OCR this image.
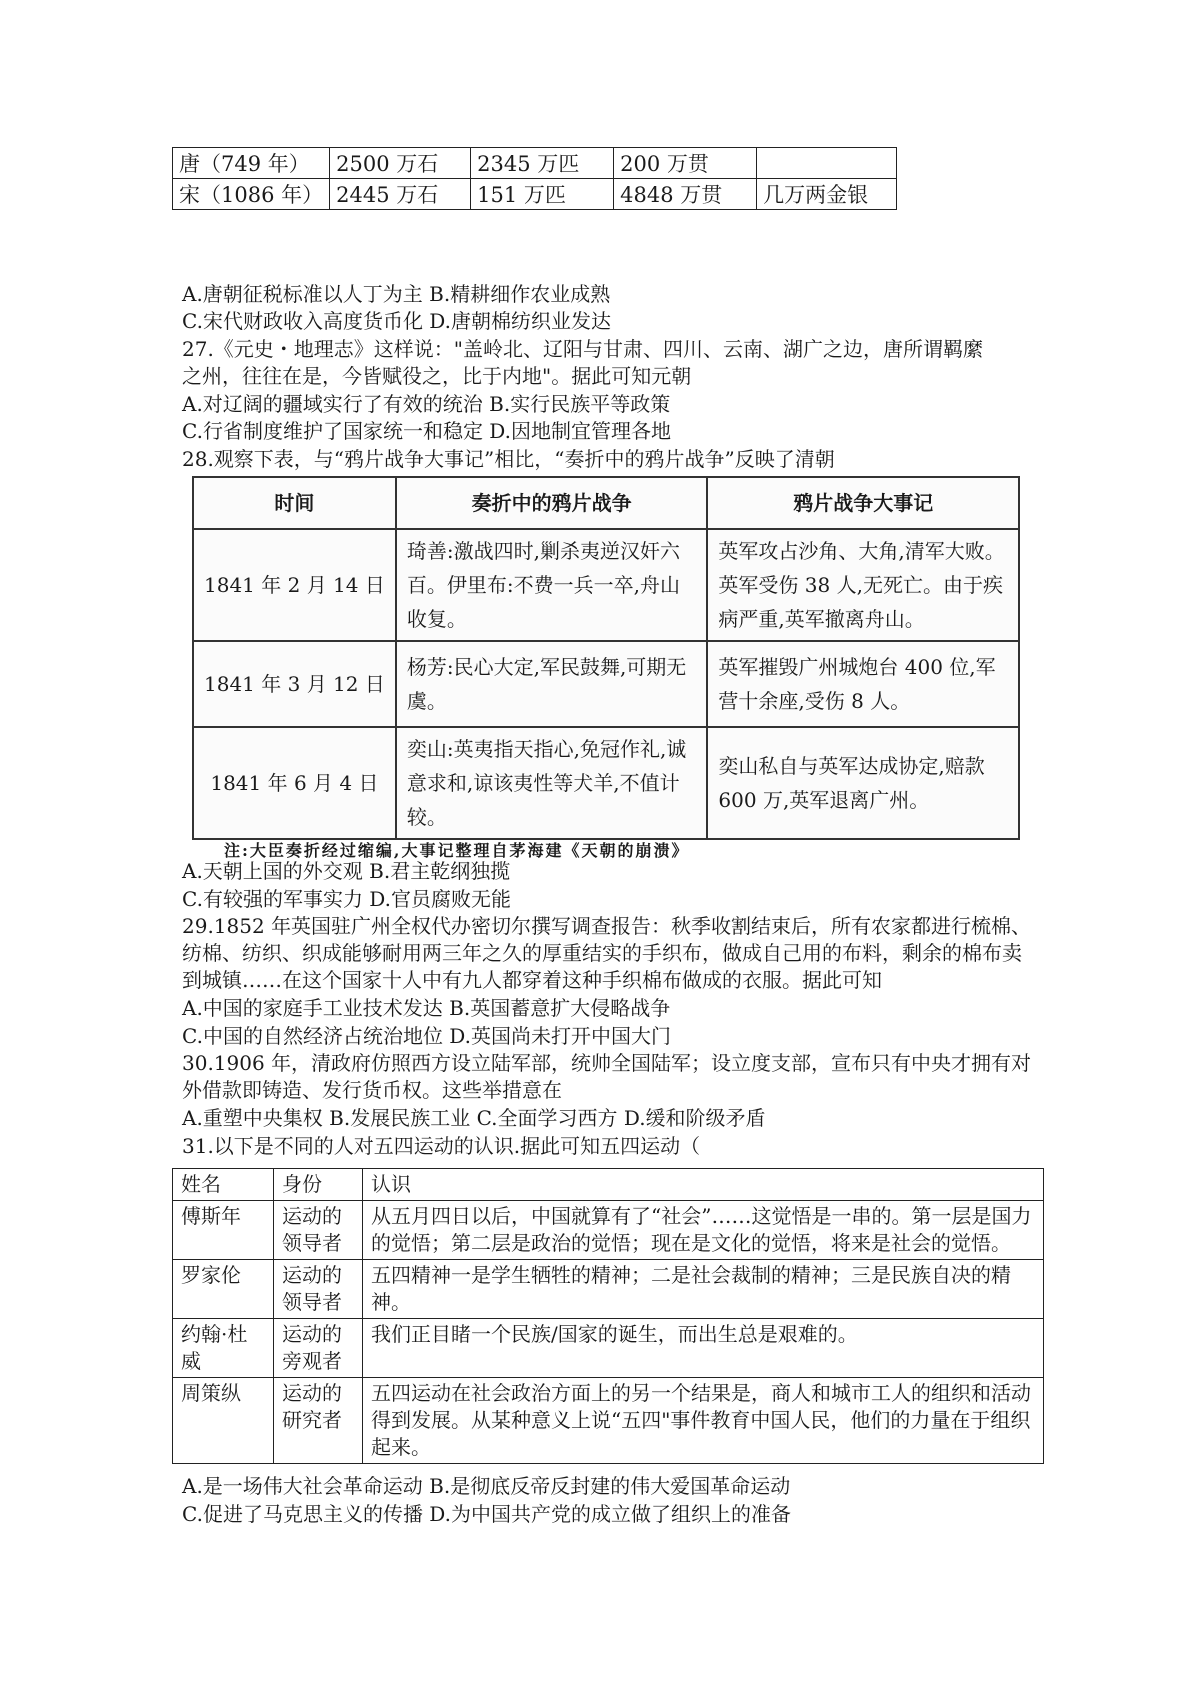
唐（749 年）	2500 万石	2345 万匹	200 万贯	
宋（1086 年）	2445 万石	151 万匹	4848 万贯	几万两金银
A.唐朝征税标准以人丁为主 B.精耕细作农业成熟
C.宋代财政收入高度货币化 D.唐朝棉纺织业发达
27.《元史・地理志》这样说："盖岭北、辽阳与甘肃、四川、云南、湖广之边，唐所谓羁縻
之州，往往在是，今皆赋役之，比于内地"。据此可知元朝
A.对辽阔的疆域实行了有效的统治 B.实行民族平等政策
C.行省制度维护了国家统一和稳定 D.因地制宜管理各地
28.观察下表，与“鸦片战争大事记”相比，“奏折中的鸦片战争”反映了清朝
时间	奏折中的鸦片战争	鸦片战争大事记
1841 年 2 月 14 日	琦善:激战四时,剿杀夷逆汉奸六百。伊里布:不费一兵一卒,舟山收复。	英军攻占沙角、大角,清军大败。英军受伤 38 人,无死亡。由于疾病严重,英军撤离舟山。
1841 年 3 月 12 日	杨芳:民心大定,军民鼓舞,可期无虞。	英军摧毁广州城炮台 400 位,军营十余座,受伤 8 人。
1841 年 6 月 4 日	奕山:英夷指天指心,免冠作礼,诚意求和,谅该夷性等犬羊,不值计较。	奕山私自与英军达成协定,赔款 600 万,英军退离广州。
注:大臣奏折经过缩编,大事记整理自茅海建《天朝的崩溃》
A.天朝上国的外交观 B.君主乾纲独揽
C.有较强的军事实力 D.官员腐败无能
29.1852 年英国驻广州全权代办密切尔撰写调查报告：秋季收割结束后，所有农家都进行梳棉、纺棉、纺织、织成能够耐用两三年之久的厚重结实的手织布，做成自己用的布料，剩余的棉布卖到城镇……在这个国家十人中有九人都穿着这种手织棉布做成的衣服。据此可知
A.中国的家庭手工业技术发达 B.英国蓄意扩大侵略战争
C.中国的自然经济占统治地位 D.英国尚未打开中国大门
30.1906 年，清政府仿照西方设立陆军部，统帅全国陆军；设立度支部，宣布只有中央才拥有对外借款即铸造、发行货币权。这些举措意在
A.重塑中央集权 B.发展民族工业 C.全面学习西方 D.缓和阶级矛盾
31.以下是不同的人对五四运动的认识.据此可知五四运动（
姓名	身份	认识
傅斯年	运动的领导者	从五月四日以后，中国就算有了“社会”……这觉悟是一串的。第一层是国力的觉悟；第二层是政治的觉悟；现在是文化的觉悟，将来是社会的觉悟。
罗家伦	运动的领导者	五四精神一是学生牺牲的精神；二是社会裁制的精神；三是民族自决的精神。
约翰·杜威	运动的旁观者	我们正目睹一个民族/国家的诞生，而出生总是艰难的。
周策纵	运动的研究者	五四运动在社会政治方面上的另一个结果是，商人和城市工人的组织和活动得到发展。从某种意义上说“五四"事件教育中国人民，他们的力量在于组织起来。
A.是一场伟大社会革命运动 B.是彻底反帝反封建的伟大爱国革命运动
C.促进了马克思主义的传播 D.为中国共产党的成立做了组织上的准备
